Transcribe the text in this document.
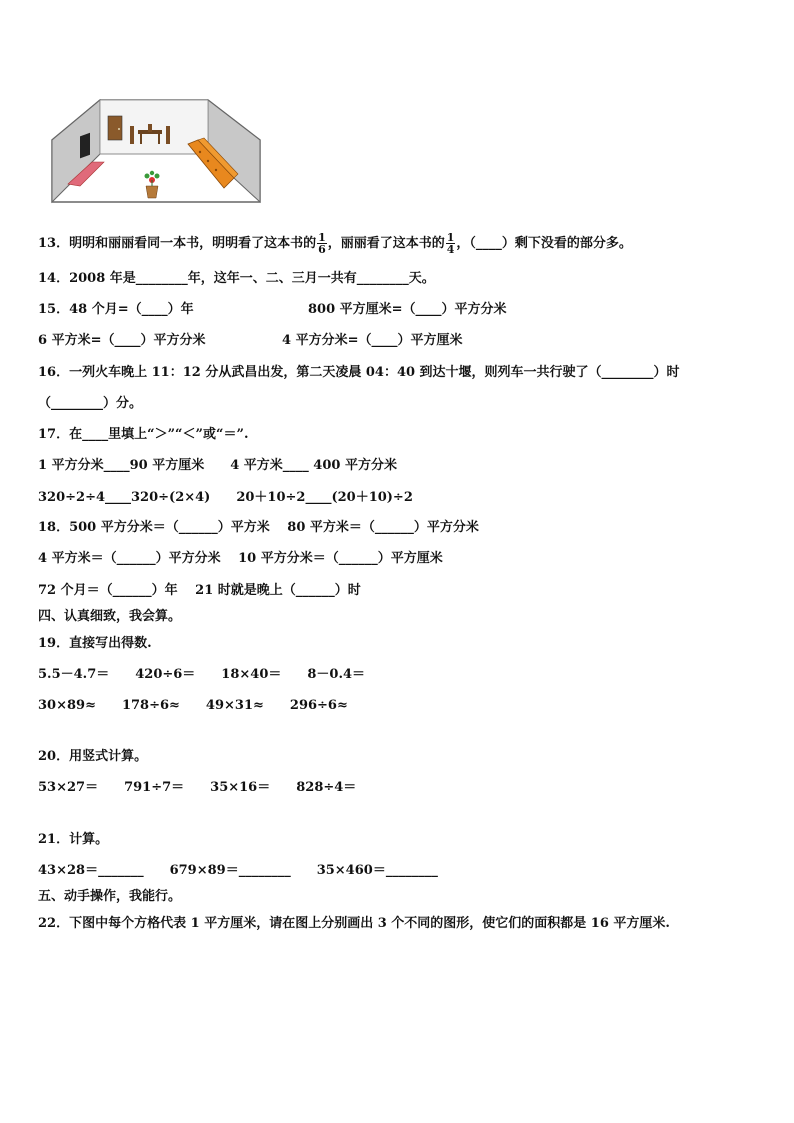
13．明明和丽丽看同一本书，明明看了这本书的 $\frac{1}{6}$ ，丽丽看了这本书的 $\frac{1}{4}$ ，（____）剩下没看的部分多。
14．2008 年是________年，这年一、二、三月一共有________天。
15．48 个月=（____）年	800 平方厘米=（____）平方分米
6 平方米=（____）平方分米	4 平方分米=（____）平方厘米
16．一列火车晚上 11：12 分从武昌出发，第二天凌晨 04：40 到达十堰，则列车一共行驶了（________）时
（________）分。
17．在____里填上“＞”“＜”或“＝”.
1 平方分米____90 平方厘米　　4 平方米____ 400 平方分米
320÷2÷4____320÷(2×4)　　20＋10÷2____(20＋10)÷2
18．500 平方分米＝（______）平方米　 80 平方米＝（______）平方分米
4 平方米＝（______）平方分米　 10 平方分米＝（______）平方厘米
72 个月＝（______）年　 21 时就是晚上（______）时
四、认真细致，我会算。
19．直接写出得数.
5.5－4.7＝　　420÷6＝　　18×40＝　　8－0.4＝
30×89≈　　178÷6≈　　49×31≈　　296÷6≈
20．用竖式计算。
53×27＝　　791÷7＝　　35×16＝　　828÷4＝
21．计算。
43×28＝_______　　679×89＝________　　35×460＝________
五、动手操作，我能行。
22．下图中每个方格代表 1 平方厘米，请在图上分别画出 3 个不同的图形，使它们的面积都是 16 平方厘米.
